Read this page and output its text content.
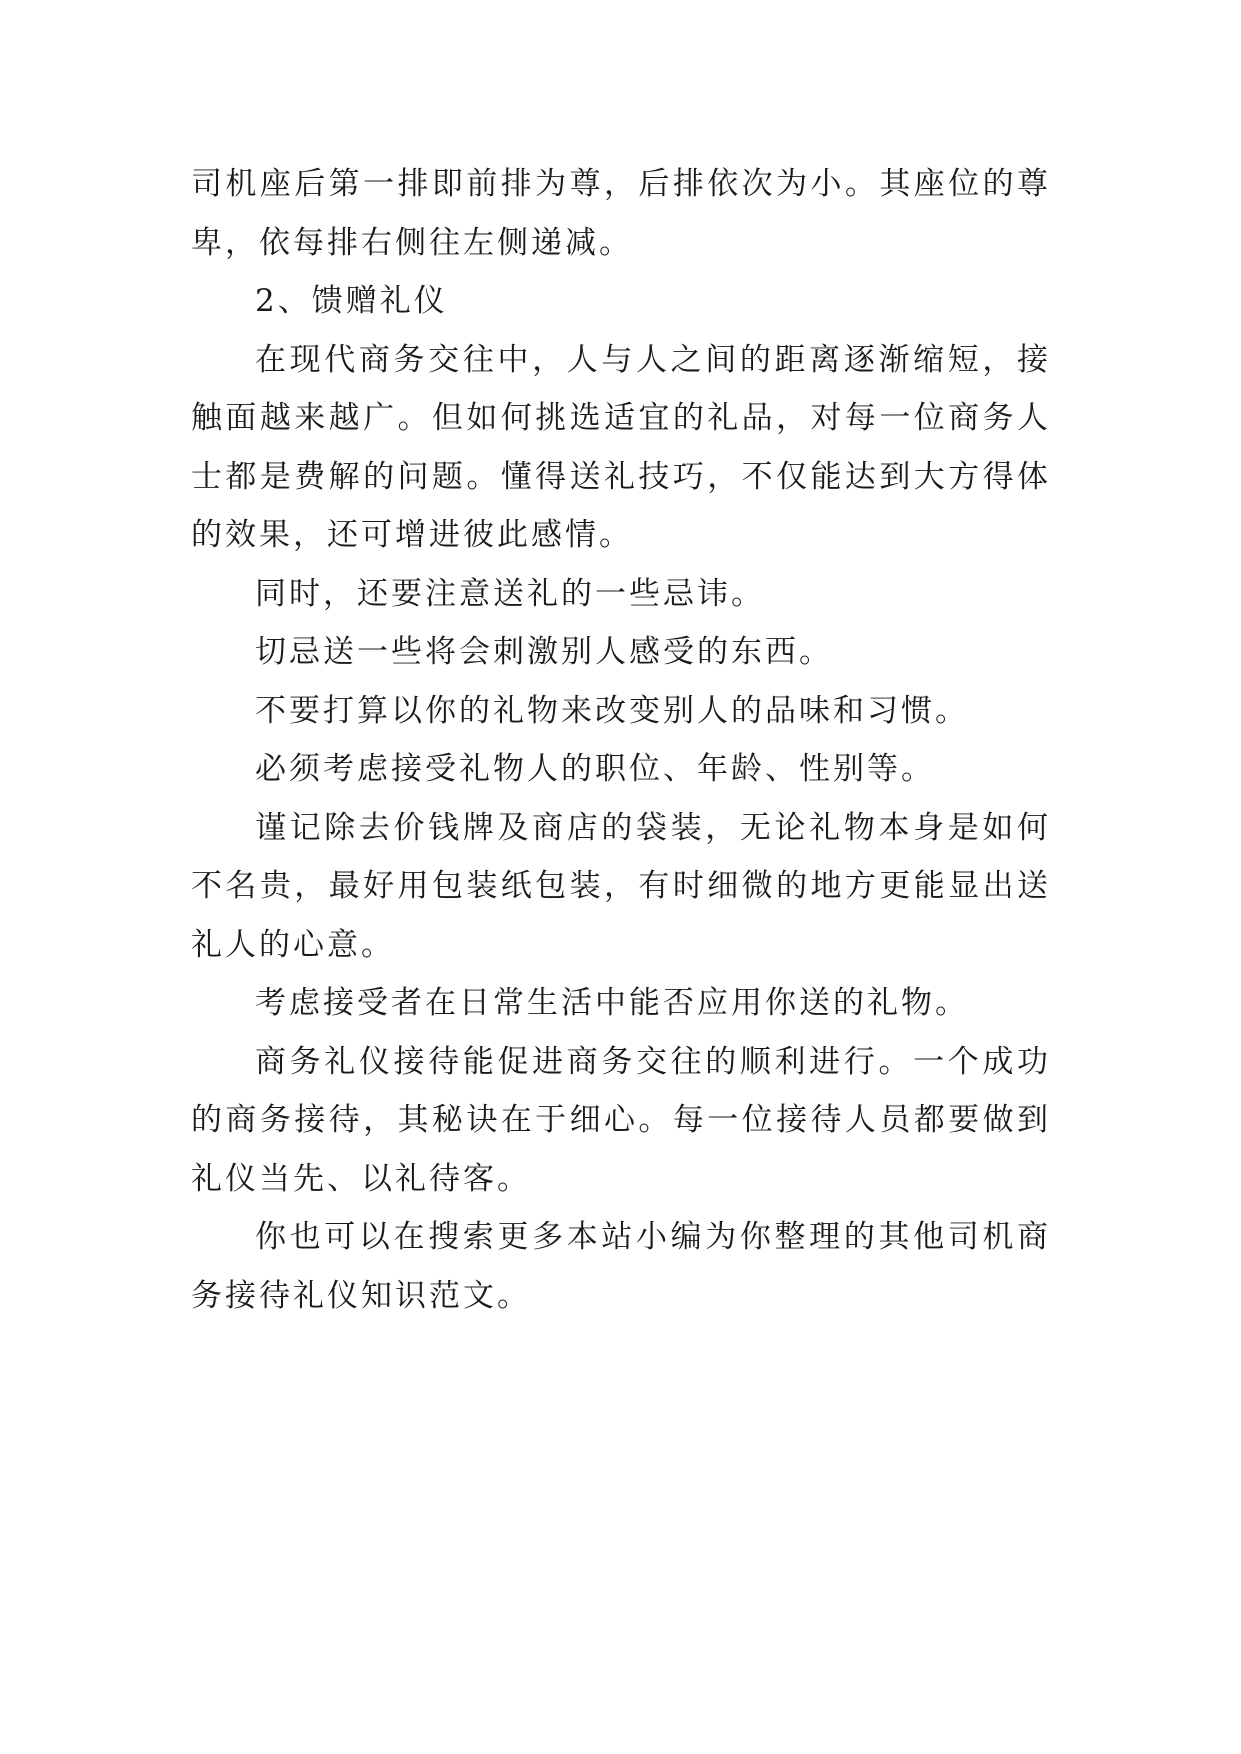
司机座后第一排即前排为尊，后排依次为小。其座位的尊卑，依每排右侧往左侧递减。

2、馈赠礼仪

在现代商务交往中，人与人之间的距离逐渐缩短，接触面越来越广。但如何挑选适宜的礼品，对每一位商务人士都是费解的问题。懂得送礼技巧，不仅能达到大方得体的效果，还可增进彼此感情。

同时，还要注意送礼的一些忌讳。

切忌送一些将会刺激别人感受的东西。

不要打算以你的礼物来改变别人的品味和习惯。

必须考虑接受礼物人的职位、年龄、性别等。

谨记除去价钱牌及商店的袋装，无论礼物本身是如何不名贵，最好用包装纸包装，有时细微的地方更能显出送礼人的心意。

考虑接受者在日常生活中能否应用你送的礼物。

商务礼仪接待能促进商务交往的顺利进行。一个成功的商务接待，其秘诀在于细心。每一位接待人员都要做到礼仪当先、以礼待客。

你也可以在搜索更多本站小编为你整理的其他司机商务接待礼仪知识范文。
